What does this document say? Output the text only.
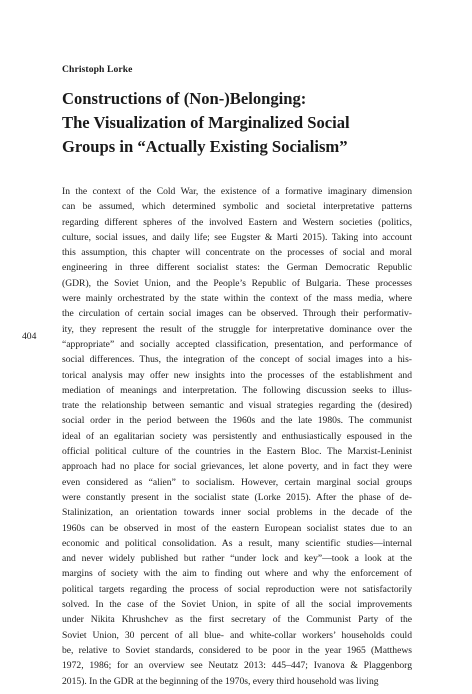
Christoph Lorke
Constructions of (Non-)Belonging:
The Visualization of Marginalized Social
Groups in “Actually Existing Socialism”
404
In the context of the Cold War, the existence of a formative imaginary dimension
can be assumed, which determined symbolic and societal interpretative patterns
regarding different spheres of the involved Eastern and Western societies (politics,
culture, social issues, and daily life; see Eugster & Marti 2015). Taking into account
this assumption, this chapter will concentrate on the processes of social and moral
engineering in three different socialist states: the German Democratic Republic
(GDR), the Soviet Union, and the People’s Republic of Bulgaria. These processes
were mainly orchestrated by the state within the context of the mass media, where
the circulation of certain social images can be observed. Through their performativ-
ity, they represent the result of the struggle for interpretative dominance over the
“appropriate” and socially accepted classification, presentation, and performance of
social differences. Thus, the integration of the concept of social images into a his-
torical analysis may offer new insights into the processes of the establishment and
mediation of meanings and interpretation. The following discussion seeks to illus-
trate the relationship between semantic and visual strategies regarding the (desired)
social order in the period between the 1960s and the late 1980s. The communist
ideal of an egalitarian society was persistently and enthusiastically espoused in the
official political culture of the countries in the Eastern Bloc. The Marxist-Leninist
approach had no place for social grievances, let alone poverty, and in fact they were
even considered as “alien” to socialism. However, certain marginal social groups
were constantly present in the socialist state (Lorke 2015). After the phase of de-
Stalinization, an orientation towards inner social problems in the decade of the
1960s can be observed in most of the eastern European socialist states due to an
economic and political consolidation. As a result, many scientific studies—internal
and never widely published but rather “under lock and key”—took a look at the
margins of society with the aim to finding out where and why the enforcement of
political targets regarding the process of social reproduction were not satisfactorily
solved. In the case of the Soviet Union, in spite of all the social improvements
under Nikita Khrushchev as the first secretary of the Communist Party of the
Soviet Union, 30 percent of all blue- and white-collar workers’ households could
be, relative to Soviet standards, considered to be poor in the year 1965 (Matthews
1972, 1986; for an overview see Neutatz 2013: 445–447; Ivanova & Plaggenborg
2015). In the GDR at the beginning of the 1970s, every third household was living
